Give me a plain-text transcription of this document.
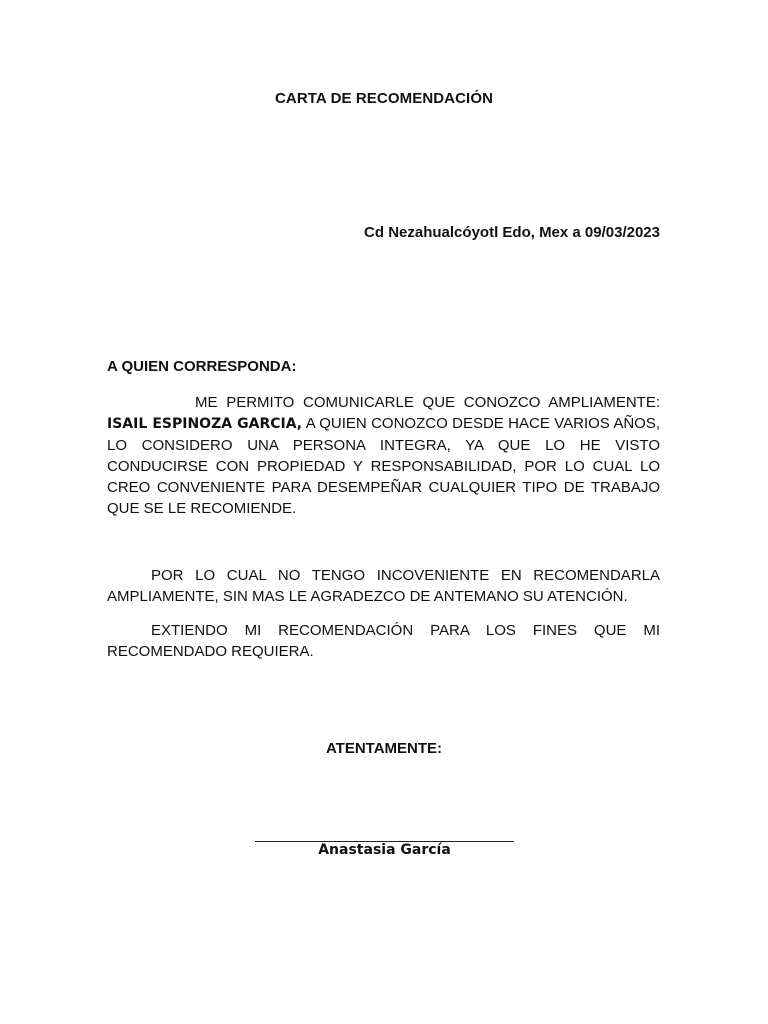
CARTA DE RECOMENDACIÓN
Cd Nezahualcóyotl Edo, Mex a 09/03/2023
A QUIEN CORRESPONDA:
ME PERMITO COMUNICARLE QUE CONOZCO AMPLIAMENTE: ISAIL ESPINOZA GARCIA, A QUIEN CONOZCO DESDE HACE VARIOS AÑOS, LO CONSIDERO UNA PERSONA INTEGRA, YA QUE LO HE VISTO CONDUCIRSE CON PROPIEDAD Y RESPONSABILIDAD, POR LO CUAL LO CREO CONVENIENTE PARA DESEMPEÑAR CUALQUIER TIPO DE TRABAJO QUE SE LE RECOMIENDE.
POR LO CUAL NO TENGO INCOVENIENTE EN RECOMENDARLA AMPLIAMENTE, SIN MAS LE AGRADEZCO DE ANTEMANO SU ATENCIÓN.
EXTIENDO MI RECOMENDACIÓN PARA LOS FINES QUE MI RECOMENDADO REQUIERA.
ATENTAMENTE:
Anastasia García
